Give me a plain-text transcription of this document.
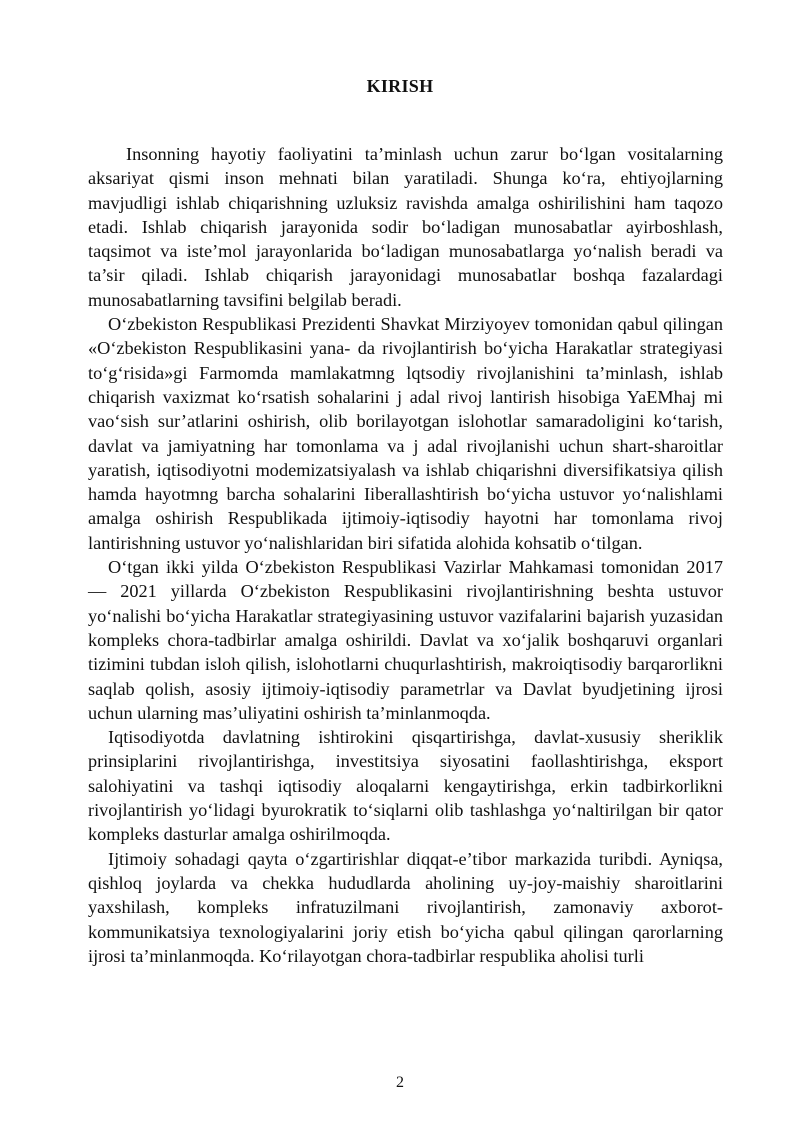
KIRISH

Insonning hayotiy faoliyatini ta’minlash uchun zarur bo‘lgan vositalarning aksariyat qismi inson mehnati bilan yaratiladi. Shunga ko‘ra, ehtiyojlarning mavjudligi ishlab chiqarishning uzluksiz ravishda amalga oshirilishini ham taqozo etadi. Ishlab chiqarish jarayonida sodir bo‘ladigan munosabatlar ayirboshlash, taqsimot va iste’mol jarayonlarida bo‘ladigan munosabatlarga yo‘nalish beradi va ta’sir qiladi. Ishlab chiqarish jarayonidagi munosabatlar boshqa fazalardagi munosabatlarning tavsifini belgilab beradi.

O‘zbekiston Respublikasi Prezidenti Shavkat Mirziyoyev tomonidan qabul qilingan «O‘zbekiston Respublikasini yana- da rivojlantirish bo‘yicha Harakatlar strategiyasi to‘g‘risida»gi Farmomda mamlakatmng lqtsodiy rivojlanishini ta’minlash, ishlab chiqarish vaxizmat ko‘rsatish sohalarini j adal rivoj lantirish hisobiga YaEMhaj mi vao‘sish sur’atlarini oshirish, olib borilayotgan islohotlar samaradoligini ko‘tarish, davlat va jamiyatning har tomonlama va j adal rivojlanishi uchun shart-sharoitlar yaratish, iqtisodiyotni modemizatsiyalash va ishlab chiqarishni diversifikatsiya qilish hamda hayotmng barcha sohalarini Iiberallashtirish bo‘yicha ustuvor yo‘nalishlami amalga oshirish Respublikada ijtimoiy-iqtisodiy hayotni har tomonlama rivoj lantirishning ustuvor yo‘nalishlaridan biri sifatida alohida kohsatib o‘tilgan.

O‘tgan ikki yilda O‘zbekiston Respublikasi Vazirlar Mahkamasi tomonidan 2017 — 2021 yillarda O‘zbekiston Respublikasini rivojlantirishning beshta ustuvor yo‘nalishi bo‘yicha Harakatlar strategiyasining ustuvor vazifalarini bajarish yuzasidan kompleks chora-tadbirlar amalga oshirildi. Davlat va xo‘jalik boshqaruvi organlari tizimini tubdan isloh qilish, islohotlarni chuqurlashtirish, makroiqtisodiy barqarorlikni saqlab qolish, asosiy ijtimoiy-iqtisodiy parametrlar va Davlat byudjetining ijrosi uchun ularning mas’uliyatini oshirish ta’minlanmoqda.

Iqtisodiyotda davlatning ishtirokini qisqartirishga, davlat-xususiy sheriklik prinsiplarini rivojlantirishga, investitsiya siyosatini faollashtirishga, eksport salohiyatini va tashqi iqtisodiy aloqalarni kengaytirishga, erkin tadbirkorlikni rivojlantirish yo‘lidagi byurokratik to‘siqlarni olib tashlashga yo‘naltirilgan bir qator kompleks dasturlar amalga oshirilmoqda.

Ijtimoiy sohadagi qayta o‘zgartirishlar diqqat-e’tibor markazida turibdi. Ayniqsa, qishloq joylarda va chekka hududlarda aholining uy-joy-maishiy sharoitlarini yaxshilash, kompleks infratuzilmani rivojlantirish, zamonaviy axborot-kommunikatsiya texnologiyalarini joriy etish bo‘yicha qabul qilingan qarorlarning ijrosi ta’minlanmoqda. Ko‘rilayotgan chora-tadbirlar respublika aholisi turli

2
